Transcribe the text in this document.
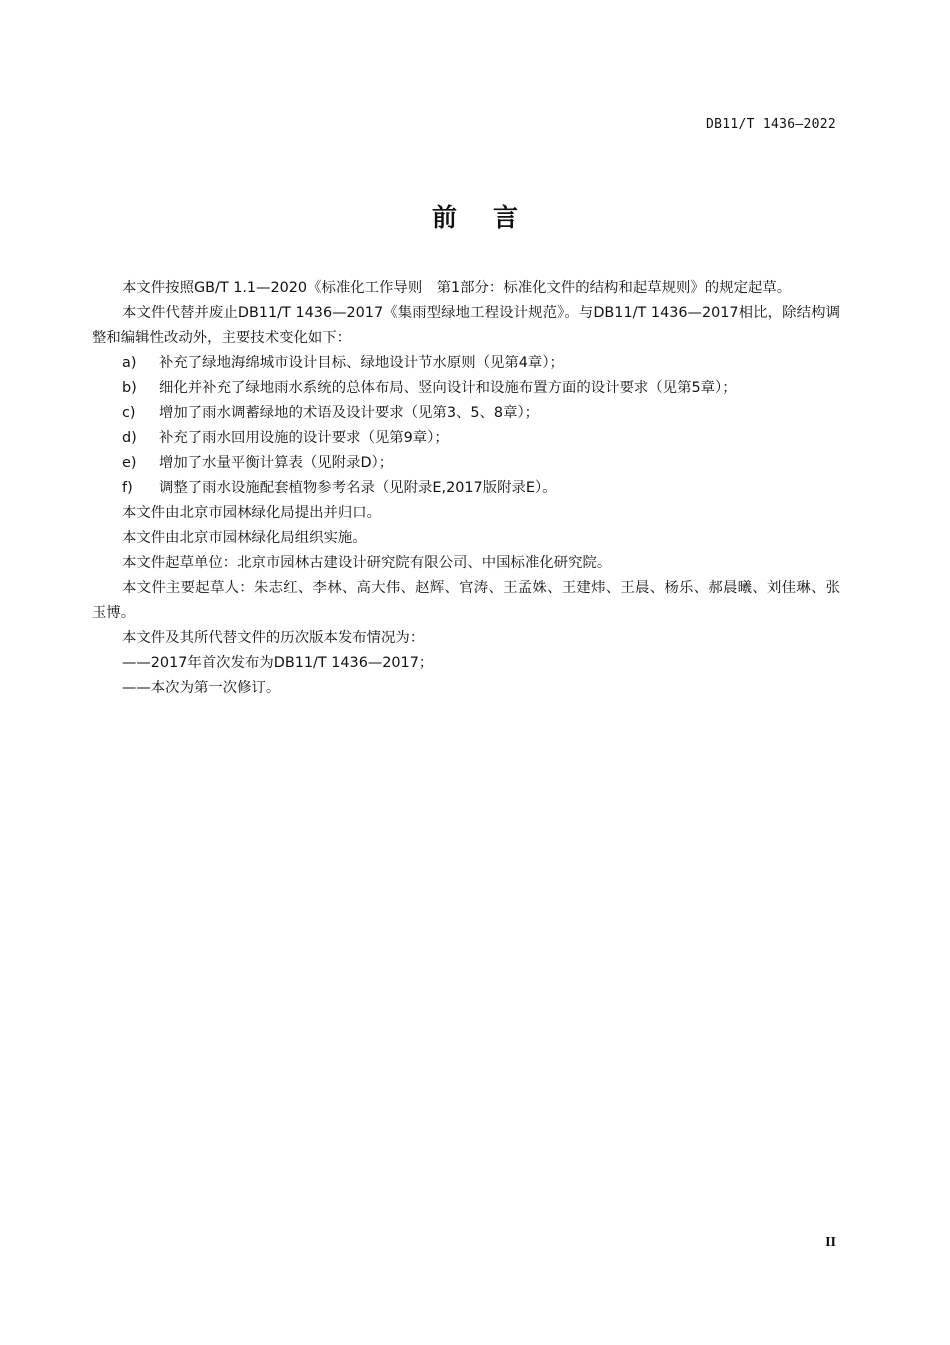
DB11/T 1436—2022
前言

本文件按照GB/T 1.1—2020《标准化工作导则　第1部分：标准化文件的结构和起草规则》的规定起草。

本文件代替并废止DB11/T 1436—2017《集雨型绿地工程设计规范》。与DB11/T 1436—2017相比，除结构调整和编辑性改动外，主要技术变化如下：

a)	补充了绿地海绵城市设计目标、绿地设计节水原则（见第4章）；
b)	细化并补充了绿地雨水系统的总体布局、竖向设计和设施布置方面的设计要求（见第5章）；
c)	增加了雨水调蓄绿地的术语及设计要求（见第3、5、8章）；
d)	补充了雨水回用设施的设计要求（见第9章）；
e)	增加了水量平衡计算表（见附录D）；
f)	调整了雨水设施配套植物参考名录（见附录E,2017版附录E）。

本文件由北京市园林绿化局提出并归口。

本文件由北京市园林绿化局组织实施。

本文件起草单位：北京市园林古建设计研究院有限公司、中国标准化研究院。

本文件主要起草人：朱志红、李林、高大伟、赵辉、官涛、王孟姝、王建炜、王晨、杨乐、郝晨曦、刘佳琳、张玉博。

本文件及其所代替文件的历次版本发布情况为：

——2017年首次发布为DB11/T 1436—2017；

——本次为第一次修订。

II
